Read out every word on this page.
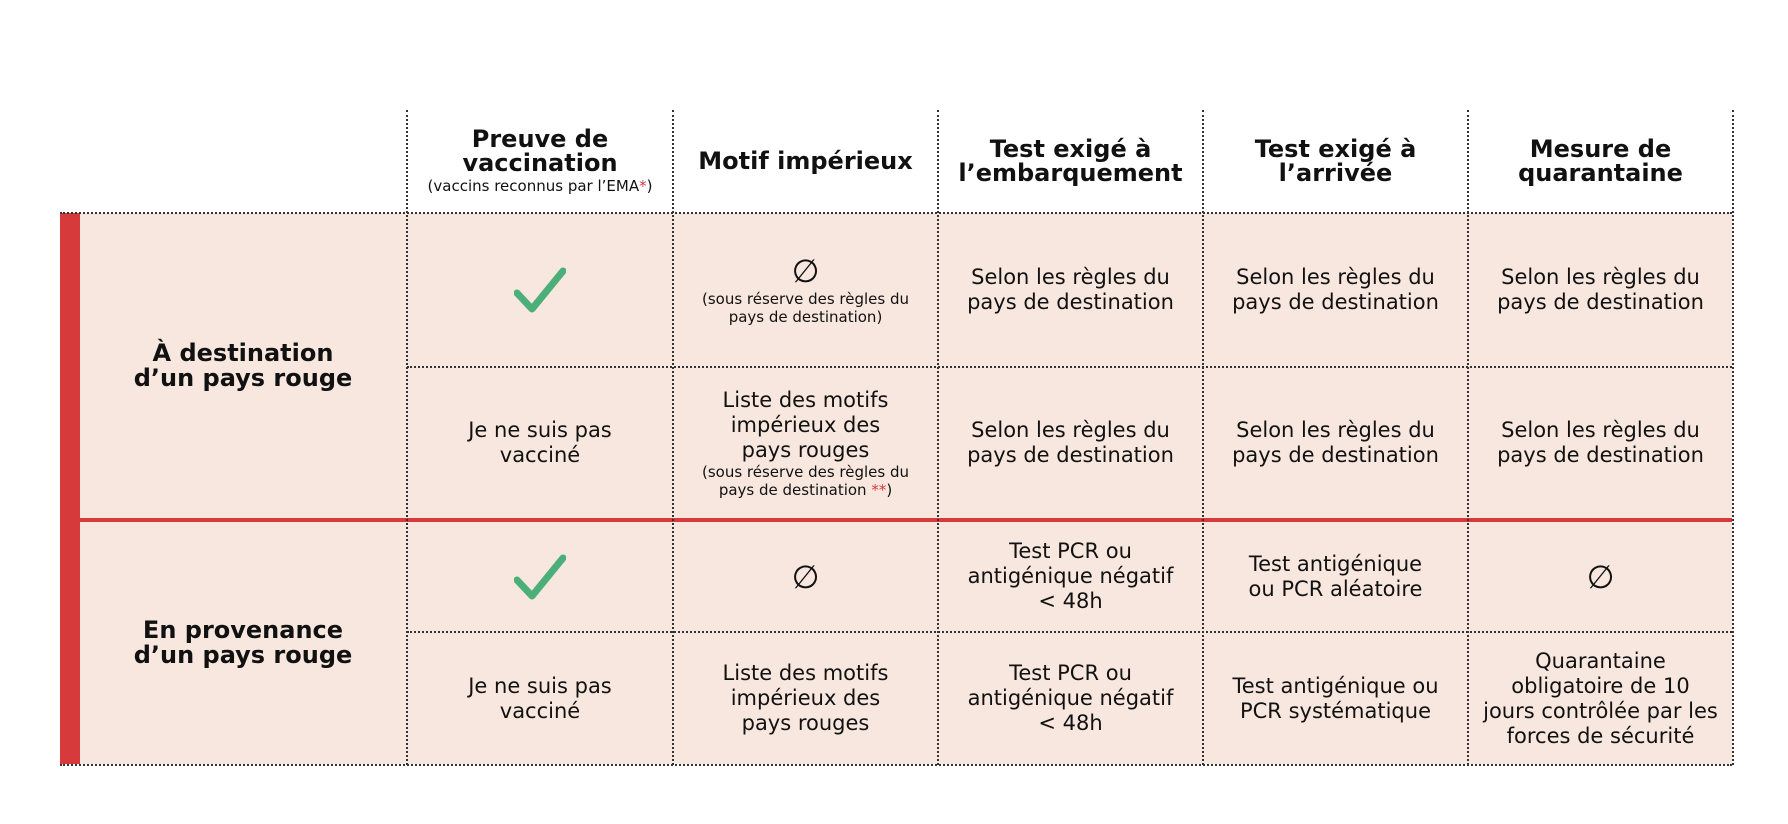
Preuve de vaccination
(vaccins reconnus par l’EMA*)
Motif impérieux	Test exigé à l’embarquement
Test exigé à l’arrivée
Mesure de quarantaine
À destination d’un pays rouge
En provenance d’un pays rouge
∅
(sous réserve des règles du pays de destination)
Selon les règles du pays de destination
Selon les règles du pays de destination
Selon les règles du pays de destination
Je ne suis pas vacciné
Liste des motifs impérieux des pays rouges
(sous réserve des règles du pays de destination **)
Selon les règles du pays de destination
Selon les règles du pays de destination
Selon les règles du pays de destination
∅
Test PCR ou antigénique négatif < 48h
Test antigénique ou PCR aléatoire	∅
Je ne suis pas vacciné
Liste des motifs impérieux des pays rouges
Test PCR ou antigénique négatif < 48h
Test antigénique ou PCR systématique
Quarantaine obligatoire de 10 jours contrôlée par les forces de sécurité
